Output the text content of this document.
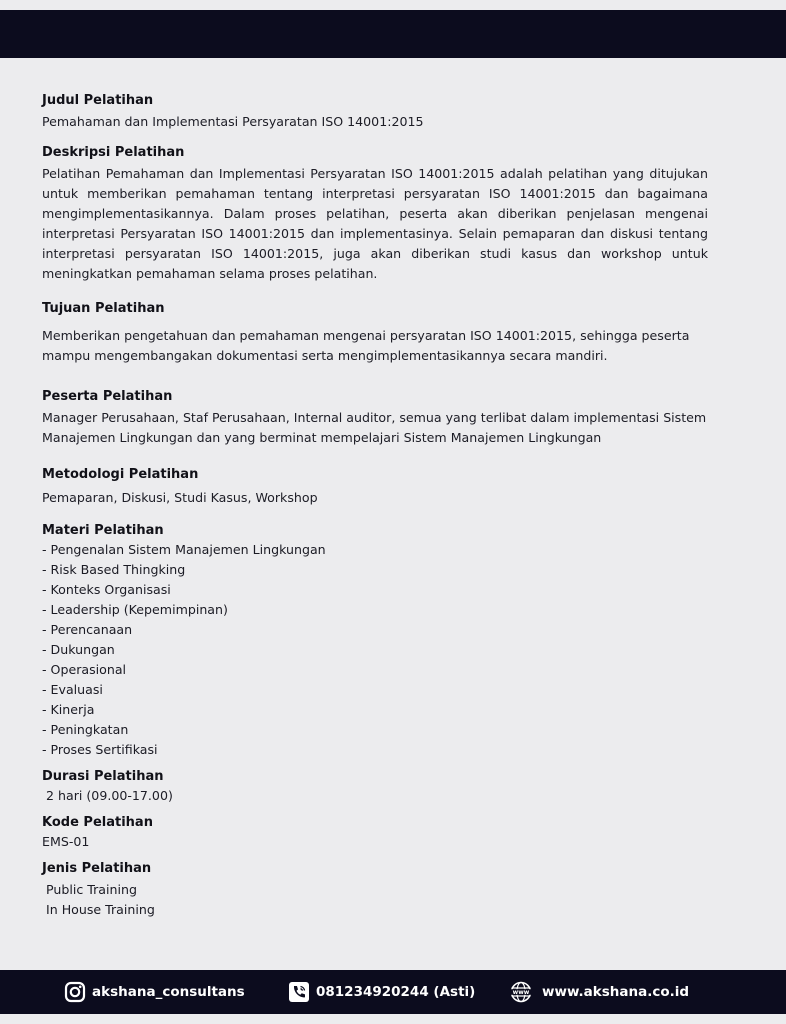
Judul Pelatihan

Pemahaman dan Implementasi Persyaratan ISO 14001:2015

Deskripsi Pelatihan

Pelatihan Pemahaman dan Implementasi Persyaratan ISO 14001:2015 adalah pelatihan yang ditujukan untuk memberikan pemahaman tentang interpretasi persyaratan ISO 14001:2015 dan bagaimana mengimplementasikannya. Dalam proses pelatihan, peserta akan diberikan penjelasan mengenai interpretasi Persyaratan ISO 14001:2015 dan implementasinya. Selain pemaparan dan diskusi tentang interpretasi persyaratan ISO 14001:2015, juga akan diberikan studi kasus dan workshop untuk meningkatkan pemahaman selama proses pelatihan.

Tujuan Pelatihan

Memberikan pengetahuan dan pemahaman mengenai persyaratan ISO 14001:2015, sehingga peserta mampu mengembangakan dokumentasi serta mengimplementasikannya secara mandiri.

Peserta Pelatihan

Manager Perusahaan, Staf Perusahaan, Internal auditor, semua yang terlibat dalam implementasi Sistem Manajemen Lingkungan dan yang berminat mempelajari Sistem Manajemen Lingkungan

Metodologi Pelatihan

Pemaparan, Diskusi, Studi Kasus, Workshop

Materi Pelatihan
- Pengenalan Sistem Manajemen Lingkungan
- Risk Based Thingking
- Konteks Organisasi
- Leadership (Kepemimpinan)
- Perencanaan
- Dukungan
- Operasional
- Evaluasi
- Kinerja
- Peningkatan
- Proses Sertifikasi
Durasi Pelatihan

2 hari (09.00-17.00)

Kode Pelatihan

EMS-01

Jenis Pelatihan
Public Training
In House Training
akshana_consultans	081234920244 (Asti)	www www.akshana.co.id
